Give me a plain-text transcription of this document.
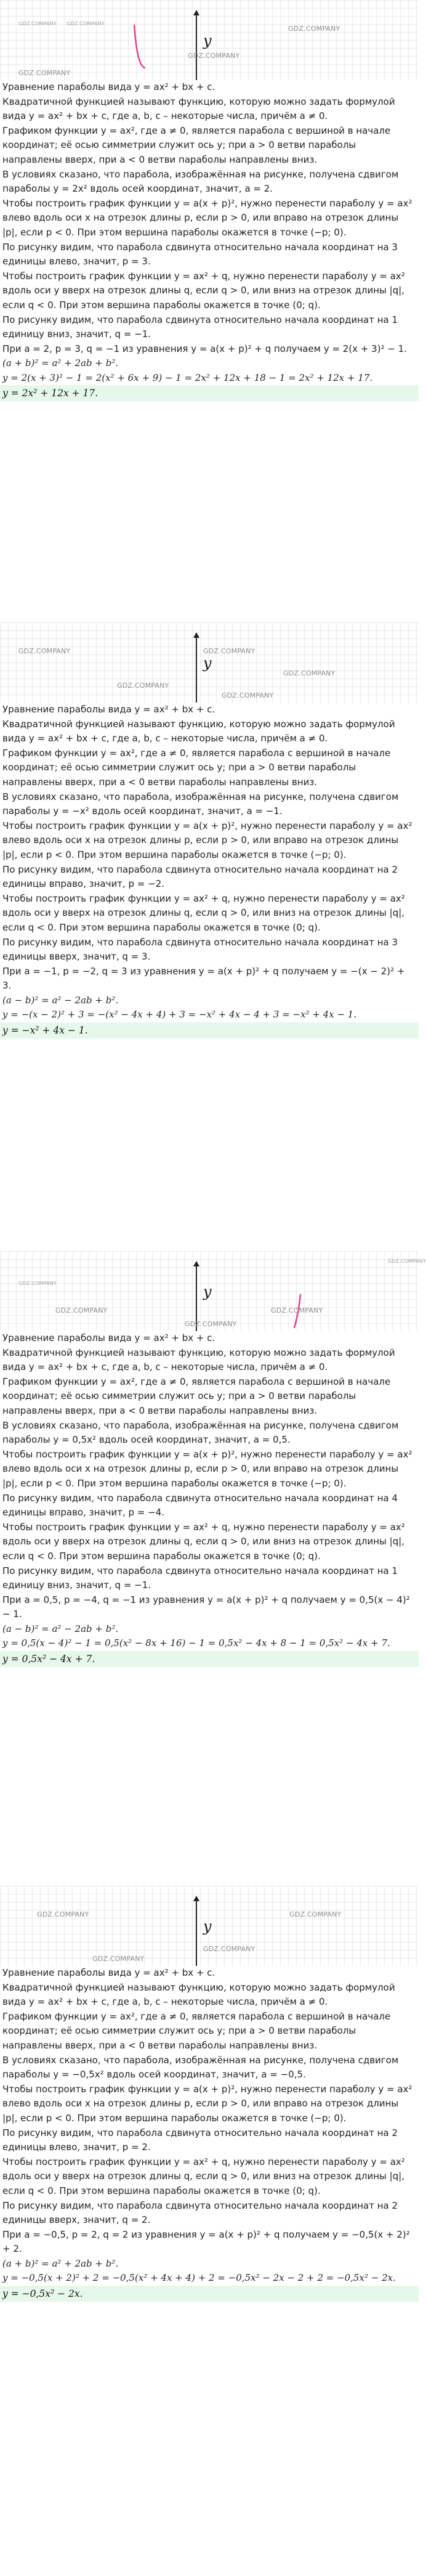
y
GDZ.COMPANY GDZ.COMPANY
GDZ.COMPANY
GDZ.COMPANY
GDZ.COMPANY

Уравнение параболы вида y = ax² + bx + c.

Квадратичной функцией называют функцию, которую можно задать формулой вида y = ax² + bx + c, где a, b, c – некоторые числа, причём a ≠ 0.

Графиком функции y = ax², где a ≠ 0, является парабола с вершиной в начале координат; её осью симметрии служит ось y; при a > 0 ветви параболы направлены вверх, при a < 0 ветви параболы направлены вниз.

В условиях сказано, что парабола, изображённая на рисунке, получена сдвигом параболы y = 2x² вдоль осей координат, значит, a = 2.

Чтобы построить график функции y = a(x + p)², нужно перенести параболу y = ax² влево вдоль оси x на отрезок длины p, если p > 0, или вправо на отрезок длины |p|, если p < 0. При этом вершина параболы окажется в точке (−p; 0).

По рисунку видим, что парабола сдвинута относительно начала координат на 3 единицы влево, значит, p = 3.

Чтобы построить график функции y = ax² + q, нужно перенести параболу y = ax² вдоль оси y вверх на отрезок длины q, если q > 0, или вниз на отрезок длины |q|, если q < 0. При этом вершина параболы окажется в точке (0; q).

По рисунку видим, что парабола сдвинута относительно начала координат на 1 единицу вниз, значит, q = −1.

При a = 2, p = 3, q = −1 из уравнения y = a(x + p)² + q получаем y = 2(x + 3)² − 1.

(a + b)² = a² + 2ab + b².

y = 2(x + 3)² − 1 = 2(x² + 6x + 9) − 1 = 2x² + 12x + 18 − 1 = 2x² + 12x + 17.

y = 2x² + 12x + 17.
y
GDZ.COMPANY	GDZ.COMPANY
GDZ.COMPANY
GDZ.COMPANY
GDZ.COMPANY

Уравнение параболы вида y = ax² + bx + c.

Квадратичной функцией называют функцию, которую можно задать формулой вида y = ax² + bx + c, где a, b, c – некоторые числа, причём a ≠ 0.

Графиком функции y = ax², где a ≠ 0, является парабола с вершиной в начале координат; её осью симметрии служит ось y; при a > 0 ветви параболы направлены вверх, при a < 0 ветви параболы направлены вниз.

В условиях сказано, что парабола, изображённая на рисунке, получена сдвигом параболы y = −x² вдоль осей координат, значит, a = −1.

Чтобы построить график функции y = a(x + p)², нужно перенести параболу y = ax² влево вдоль оси x на отрезок длины p, если p > 0, или вправо на отрезок длины |p|, если p < 0. При этом вершина параболы окажется в точке (−p; 0).

По рисунку видим, что парабола сдвинута относительно начала координат на 2 единицы вправо, значит, p = −2.

Чтобы построить график функции y = ax² + q, нужно перенести параболу y = ax² вдоль оси y вверх на отрезок длины q, если q > 0, или вниз на отрезок длины |q|, если q < 0. При этом вершина параболы окажется в точке (0; q).

По рисунку видим, что парабола сдвинута относительно начала координат на 3 единицы вверх, значит, q = 3.

При a = −1, p = −2, q = 3 из уравнения y = a(x + p)² + q получаем y = −(x − 2)² + 3.

(a − b)² = a² − 2ab + b².

y = −(x − 2)² + 3 = −(x² − 4x + 4) + 3 = −x² + 4x − 4 + 3 = −x² + 4x − 1.

y = −x² + 4x − 1.
y
GDZ.COMPANY
GDZ.COMPANY
GDZ.COMPANY	GDZ.COMPANY
GDZ.COMPANY

Уравнение параболы вида y = ax² + bx + c.

Квадратичной функцией называют функцию, которую можно задать формулой вида y = ax² + bx + c, где a, b, c – некоторые числа, причём a ≠ 0.

Графиком функции y = ax², где a ≠ 0, является парабола с вершиной в начале координат; её осью симметрии служит ось y; при a > 0 ветви параболы направлены вверх, при a < 0 ветви параболы направлены вниз.

В условиях сказано, что парабола, изображённая на рисунке, получена сдвигом параболы y = 0,5x² вдоль осей координат, значит, a = 0,5.

Чтобы построить график функции y = a(x + p)², нужно перенести параболу y = ax² влево вдоль оси x на отрезок длины p, если p > 0, или вправо на отрезок длины |p|, если p < 0. При этом вершина параболы окажется в точке (−p; 0).

По рисунку видим, что парабола сдвинута относительно начала координат на 4 единицы вправо, значит, p = −4.

Чтобы построить график функции y = ax² + q, нужно перенести параболу y = ax² вдоль оси y вверх на отрезок длины q, если q > 0, или вниз на отрезок длины |q|, если q < 0. При этом вершина параболы окажется в точке (0; q).

По рисунку видим, что парабола сдвинута относительно начала координат на 1 единицу вниз, значит, q = −1.

При a = 0,5, p = −4, q = −1 из уравнения y = a(x + p)² + q получаем y = 0,5(x − 4)² − 1.

(a − b)² = a² − 2ab + b².

y = 0,5(x − 4)² − 1 = 0,5(x² − 8x + 16) − 1 = 0,5x² − 4x + 8 − 1 = 0,5x² − 4x + 7.

y = 0,5x² − 4x + 7.
y
GDZ.COMPANY	GDZ.COMPANY
GDZ.COMPANY
GDZ.COMPANY

Уравнение параболы вида y = ax² + bx + c.

Квадратичной функцией называют функцию, которую можно задать формулой вида y = ax² + bx + c, где a, b, c – некоторые числа, причём a ≠ 0.

Графиком функции y = ax², где a ≠ 0, является парабола с вершиной в начале координат; её осью симметрии служит ось y; при a > 0 ветви параболы направлены вверх, при a < 0 ветви параболы направлены вниз.

В условиях сказано, что парабола, изображённая на рисунке, получена сдвигом параболы y = −0,5x² вдоль осей координат, значит, a = −0,5.

Чтобы построить график функции y = a(x + p)², нужно перенести параболу y = ax² влево вдоль оси x на отрезок длины p, если p > 0, или вправо на отрезок длины |p|, если p < 0. При этом вершина параболы окажется в точке (−p; 0).

По рисунку видим, что парабола сдвинута относительно начала координат на 2 единицы влево, значит, p = 2.

Чтобы построить график функции y = ax² + q, нужно перенести параболу y = ax² вдоль оси y вверх на отрезок длины q, если q > 0, или вниз на отрезок длины |q|, если q < 0. При этом вершина параболы окажется в точке (0; q).

По рисунку видим, что парабола сдвинута относительно начала координат на 2 единицы вверх, значит, q = 2.

При a = −0,5, p = 2, q = 2 из уравнения y = a(x + p)² + q получаем y = −0,5(x + 2)² + 2.

(a + b)² = a² + 2ab + b².

y = −0,5(x + 2)² + 2 = −0,5(x² + 4x + 4) + 2 = −0,5x² − 2x − 2 + 2 = −0,5x² − 2x.

y = −0,5x² − 2x.
